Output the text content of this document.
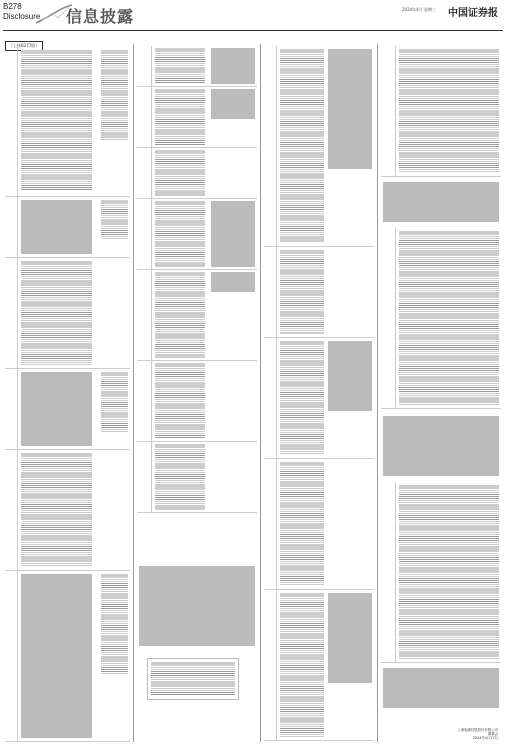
B278
Disclosure 信息披露	2024年4月 星期三 中国证券报
（上接B277版）
上海临港控股股份有限公司
董事会
2024年4月17日
